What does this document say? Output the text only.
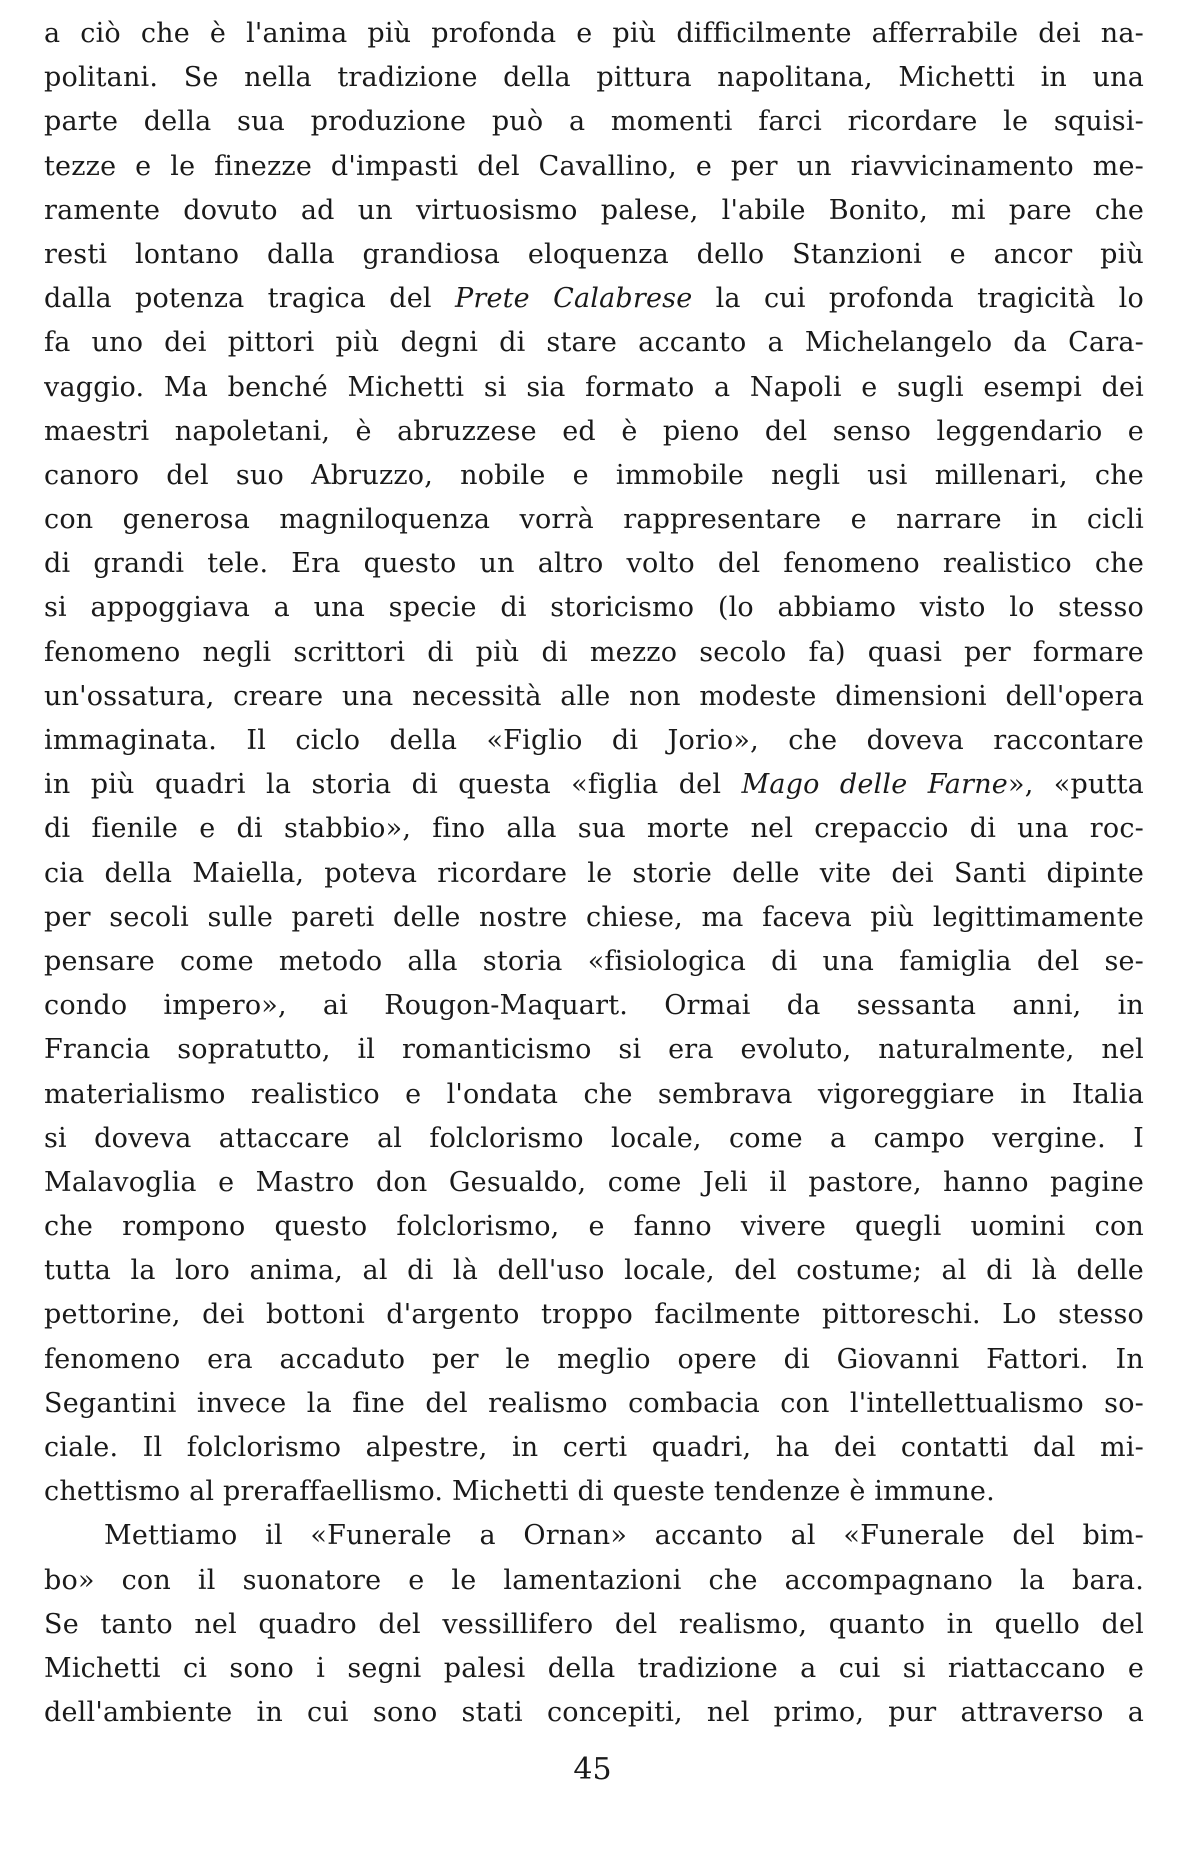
a ciò che è l'anima più profonda e più difficilmente afferrabile dei na-
politani. Se nella tradizione della pittura napolitana, Michetti in una
parte della sua produzione può a momenti farci ricordare le squisi-
tezze e le finezze d'impasti del Cavallino, e per un riavvicinamento me-
ramente dovuto ad un virtuosismo palese, l'abile Bonito, mi pare che
resti lontano dalla grandiosa eloquenza dello Stanzioni e ancor più
dalla potenza tragica del Prete Calabrese la cui profonda tragicità lo
fa uno dei pittori più degni di stare accanto a Michelangelo da Cara-
vaggio. Ma benché Michetti si sia formato a Napoli e sugli esempi dei
maestri napoletani, è abruzzese ed è pieno del senso leggendario e
canoro del suo Abruzzo, nobile e immobile negli usi millenari, che
con generosa magniloquenza vorrà rappresentare e narrare in cicli
di grandi tele. Era questo un altro volto del fenomeno realistico che
si appoggiava a una specie di storicismo (lo abbiamo visto lo stesso
fenomeno negli scrittori di più di mezzo secolo fa) quasi per formare
un'ossatura, creare una necessità alle non modeste dimensioni dell'opera
immaginata. Il ciclo della «Figlio di Jorio», che doveva raccontare
in più quadri la storia di questa «figlia del Mago delle Farne», «putta
di fienile e di stabbio», fino alla sua morte nel crepaccio di una roc-
cia della Maiella, poteva ricordare le storie delle vite dei Santi dipinte
per secoli sulle pareti delle nostre chiese, ma faceva più legittimamente
pensare come metodo alla storia «fisiologica di una famiglia del se-
condo impero», ai Rougon-Maquart. Ormai da sessanta anni, in
Francia sopratutto, il romanticismo si era evoluto, naturalmente, nel
materialismo realistico e l'ondata che sembrava vigoreggiare in Italia
si doveva attaccare al folclorismo locale, come a campo vergine. I
Malavoglia e Mastro don Gesualdo, come Jeli il pastore, hanno pagine
che rompono questo folclorismo, e fanno vivere quegli uomini con
tutta la loro anima, al di là dell'uso locale, del costume; al di là delle
pettorine, dei bottoni d'argento troppo facilmente pittoreschi. Lo stesso
fenomeno era accaduto per le meglio opere di Giovanni Fattori. In
Segantini invece la fine del realismo combacia con l'intellettualismo so-
ciale. Il folclorismo alpestre, in certi quadri, ha dei contatti dal mi-
chettismo al preraffaellismo. Michetti di queste tendenze è immune.
Mettiamo il «Funerale a Ornan» accanto al «Funerale del bim-
bo» con il suonatore e le lamentazioni che accompagnano la bara.
Se tanto nel quadro del vessillifero del realismo, quanto in quello del
Michetti ci sono i segni palesi della tradizione a cui si riattaccano e
dell'ambiente in cui sono stati concepiti, nel primo, pur attraverso a
45
